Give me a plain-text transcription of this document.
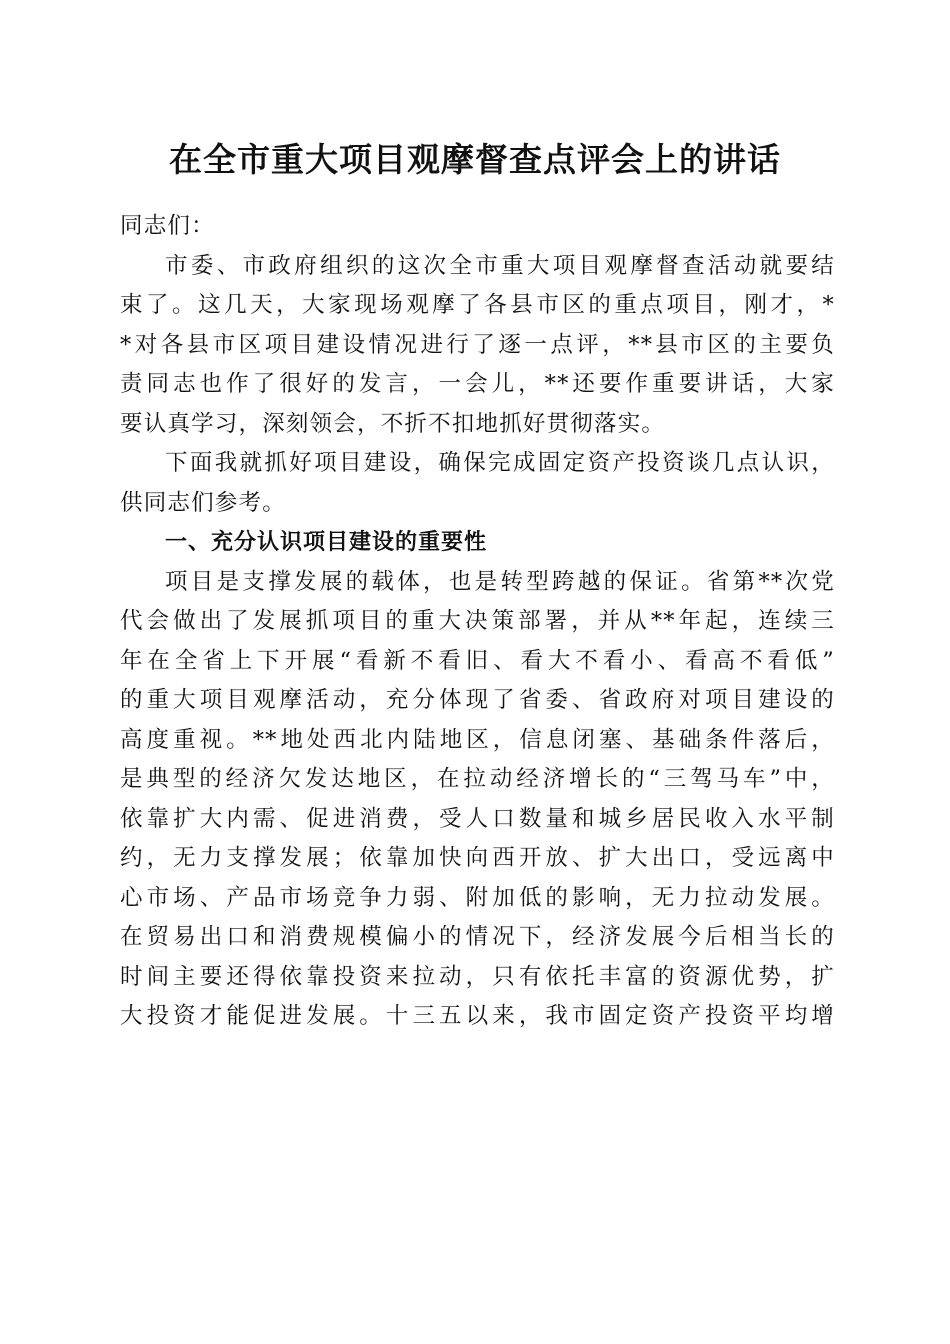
在全市重大项目观摩督查点评会上的讲话
同志们：
市委、市政府组织的这次全市重大项目观摩督查活动就要结
束了。这几天，大家现场观摩了各县市区的重点项目，刚才，*
*对各县市区项目建设情况进行了逐一点评，**县市区的主要负
责同志也作了很好的发言，一会儿，**还要作重要讲话，大家
要认真学习，深刻领会，不折不扣地抓好贯彻落实。
下面我就抓好项目建设，确保完成固定资产投资谈几点认识，
供同志们参考。
一、充分认识项目建设的重要性
项目是支撑发展的载体，也是转型跨越的保证。省第**次党
代会做出了发展抓项目的重大决策部署，并从**年起，连续三
年在全省上下开展“看新不看旧、看大不看小、看高不看低”
的重大项目观摩活动，充分体现了省委、省政府对项目建设的
高度重视。**地处西北内陆地区，信息闭塞、基础条件落后，
是典型的经济欠发达地区，在拉动经济增长的“三驾马车”中，
依靠扩大内需、促进消费，受人口数量和城乡居民收入水平制
约，无力支撑发展；依靠加快向西开放、扩大出口，受远离中
心市场、产品市场竞争力弱、附加低的影响，无力拉动发展。
在贸易出口和消费规模偏小的情况下，经济发展今后相当长的
时间主要还得依靠投资来拉动，只有依托丰富的资源优势，扩
大投资才能促进发展。十三五以来，我市固定资产投资平均增
